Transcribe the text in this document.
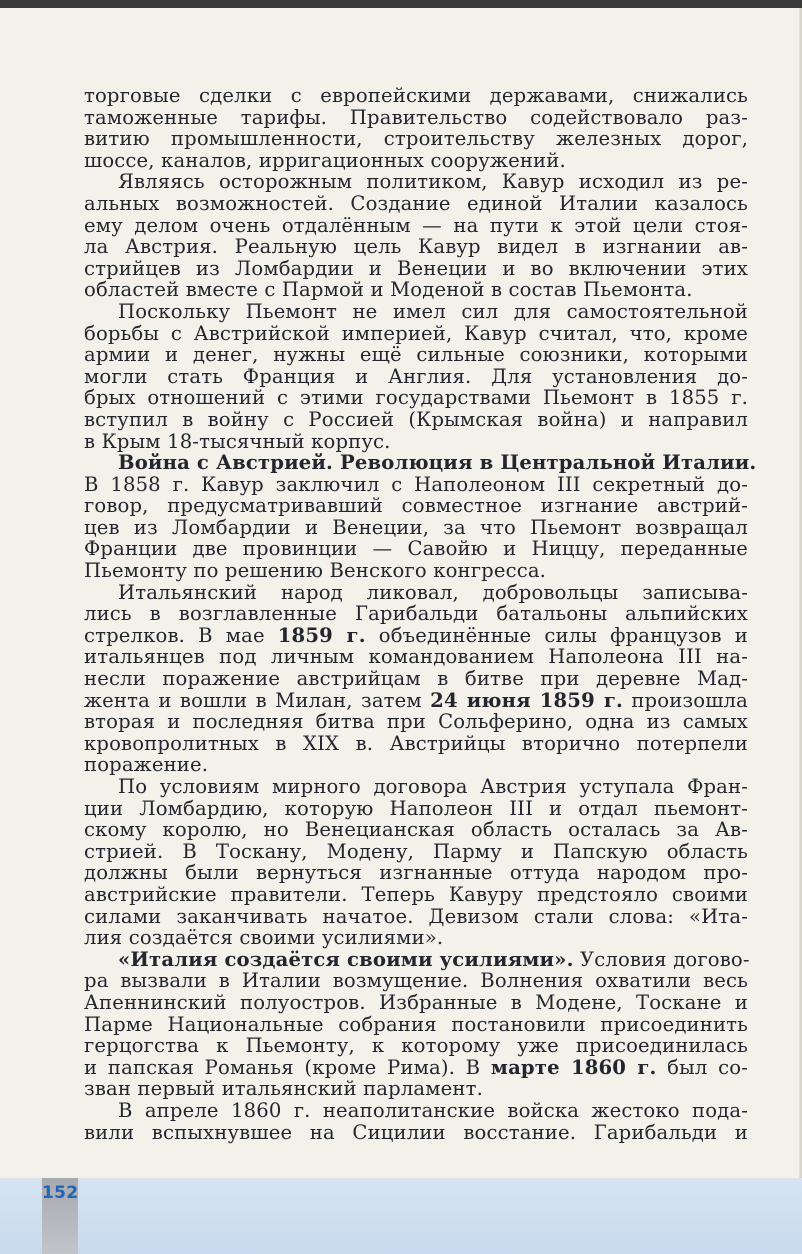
торговые сделки с европейскими державами, снижались
таможенные тарифы. Правительство содействовало раз-
витию промышленности, строительству железных дорог,
шоссе, каналов, ирригационных сооружений.
Являясь осторожным политиком, Кавур исходил из ре-
альных возможностей. Создание единой Италии казалось
ему делом очень отдалённым — на пути к этой цели стоя-
ла Австрия. Реальную цель Кавур видел в изгнании ав-
стрийцев из Ломбардии и Венеции и во включении этих
областей вместе с Пармой и Моденой в состав Пьемонта.
Поскольку Пьемонт не имел сил для самостоятельной
борьбы с Австрийской империей, Кавур считал, что, кроме
армии и денег, нужны ещё сильные союзники, которыми
могли стать Франция и Англия. Для установления до-
брых отношений с этими государствами Пьемонт в 1855 г.
вступил в войну с Россией (Крымская война) и направил
в Крым 18-тысячный корпус.
Война с Австрией. Революция в Центральной Италии.
В 1858 г. Кавур заключил с Наполеоном III секретный до-
говор, предусматривавший совместное изгнание австрий-
цев из Ломбардии и Венеции, за что Пьемонт возвращал
Франции две провинции — Савойю и Ниццу, переданные
Пьемонту по решению Венского конгресса.
Итальянский народ ликовал, добровольцы записыва-
лись в возглавленные Гарибальди батальоны альпийских
стрелков. В мае 1859 г. объединённые силы французов и
итальянцев под личным командованием Наполеона III на-
несли поражение австрийцам в битве при деревне Мад-
жента и вошли в Милан, затем 24 июня 1859 г. произошла
вторая и последняя битва при Сольферино, одна из самых
кровопролитных в XIX в. Австрийцы вторично потерпели
поражение.
По условиям мирного договора Австрия уступала Фран-
ции Ломбардию, которую Наполеон III и отдал пьемонт-
скому королю, но Венецианская область осталась за Ав-
стрией. В Тоскану, Модену, Парму и Папскую область
должны были вернуться изгнанные оттуда народом про-
австрийские правители. Теперь Кавуру предстояло своими
силами заканчивать начатое. Девизом стали слова: «Ита-
лия создаётся своими усилиями».
«Италия создаётся своими усилиями». Условия догово-
ра вызвали в Италии возмущение. Волнения охватили весь
Апеннинский полуостров. Избранные в Модене, Тоскане и
Парме Национальные собрания постановили присоединить
герцогства к Пьемонту, к которому уже присоединилась
и папская Романья (кроме Рима). В марте 1860 г. был со-
зван первый итальянский парламент.
В апреле 1860 г. неаполитанские войска жестоко пода-
вили вспыхнувшее на Сицилии восстание. Гарибальди и
152
